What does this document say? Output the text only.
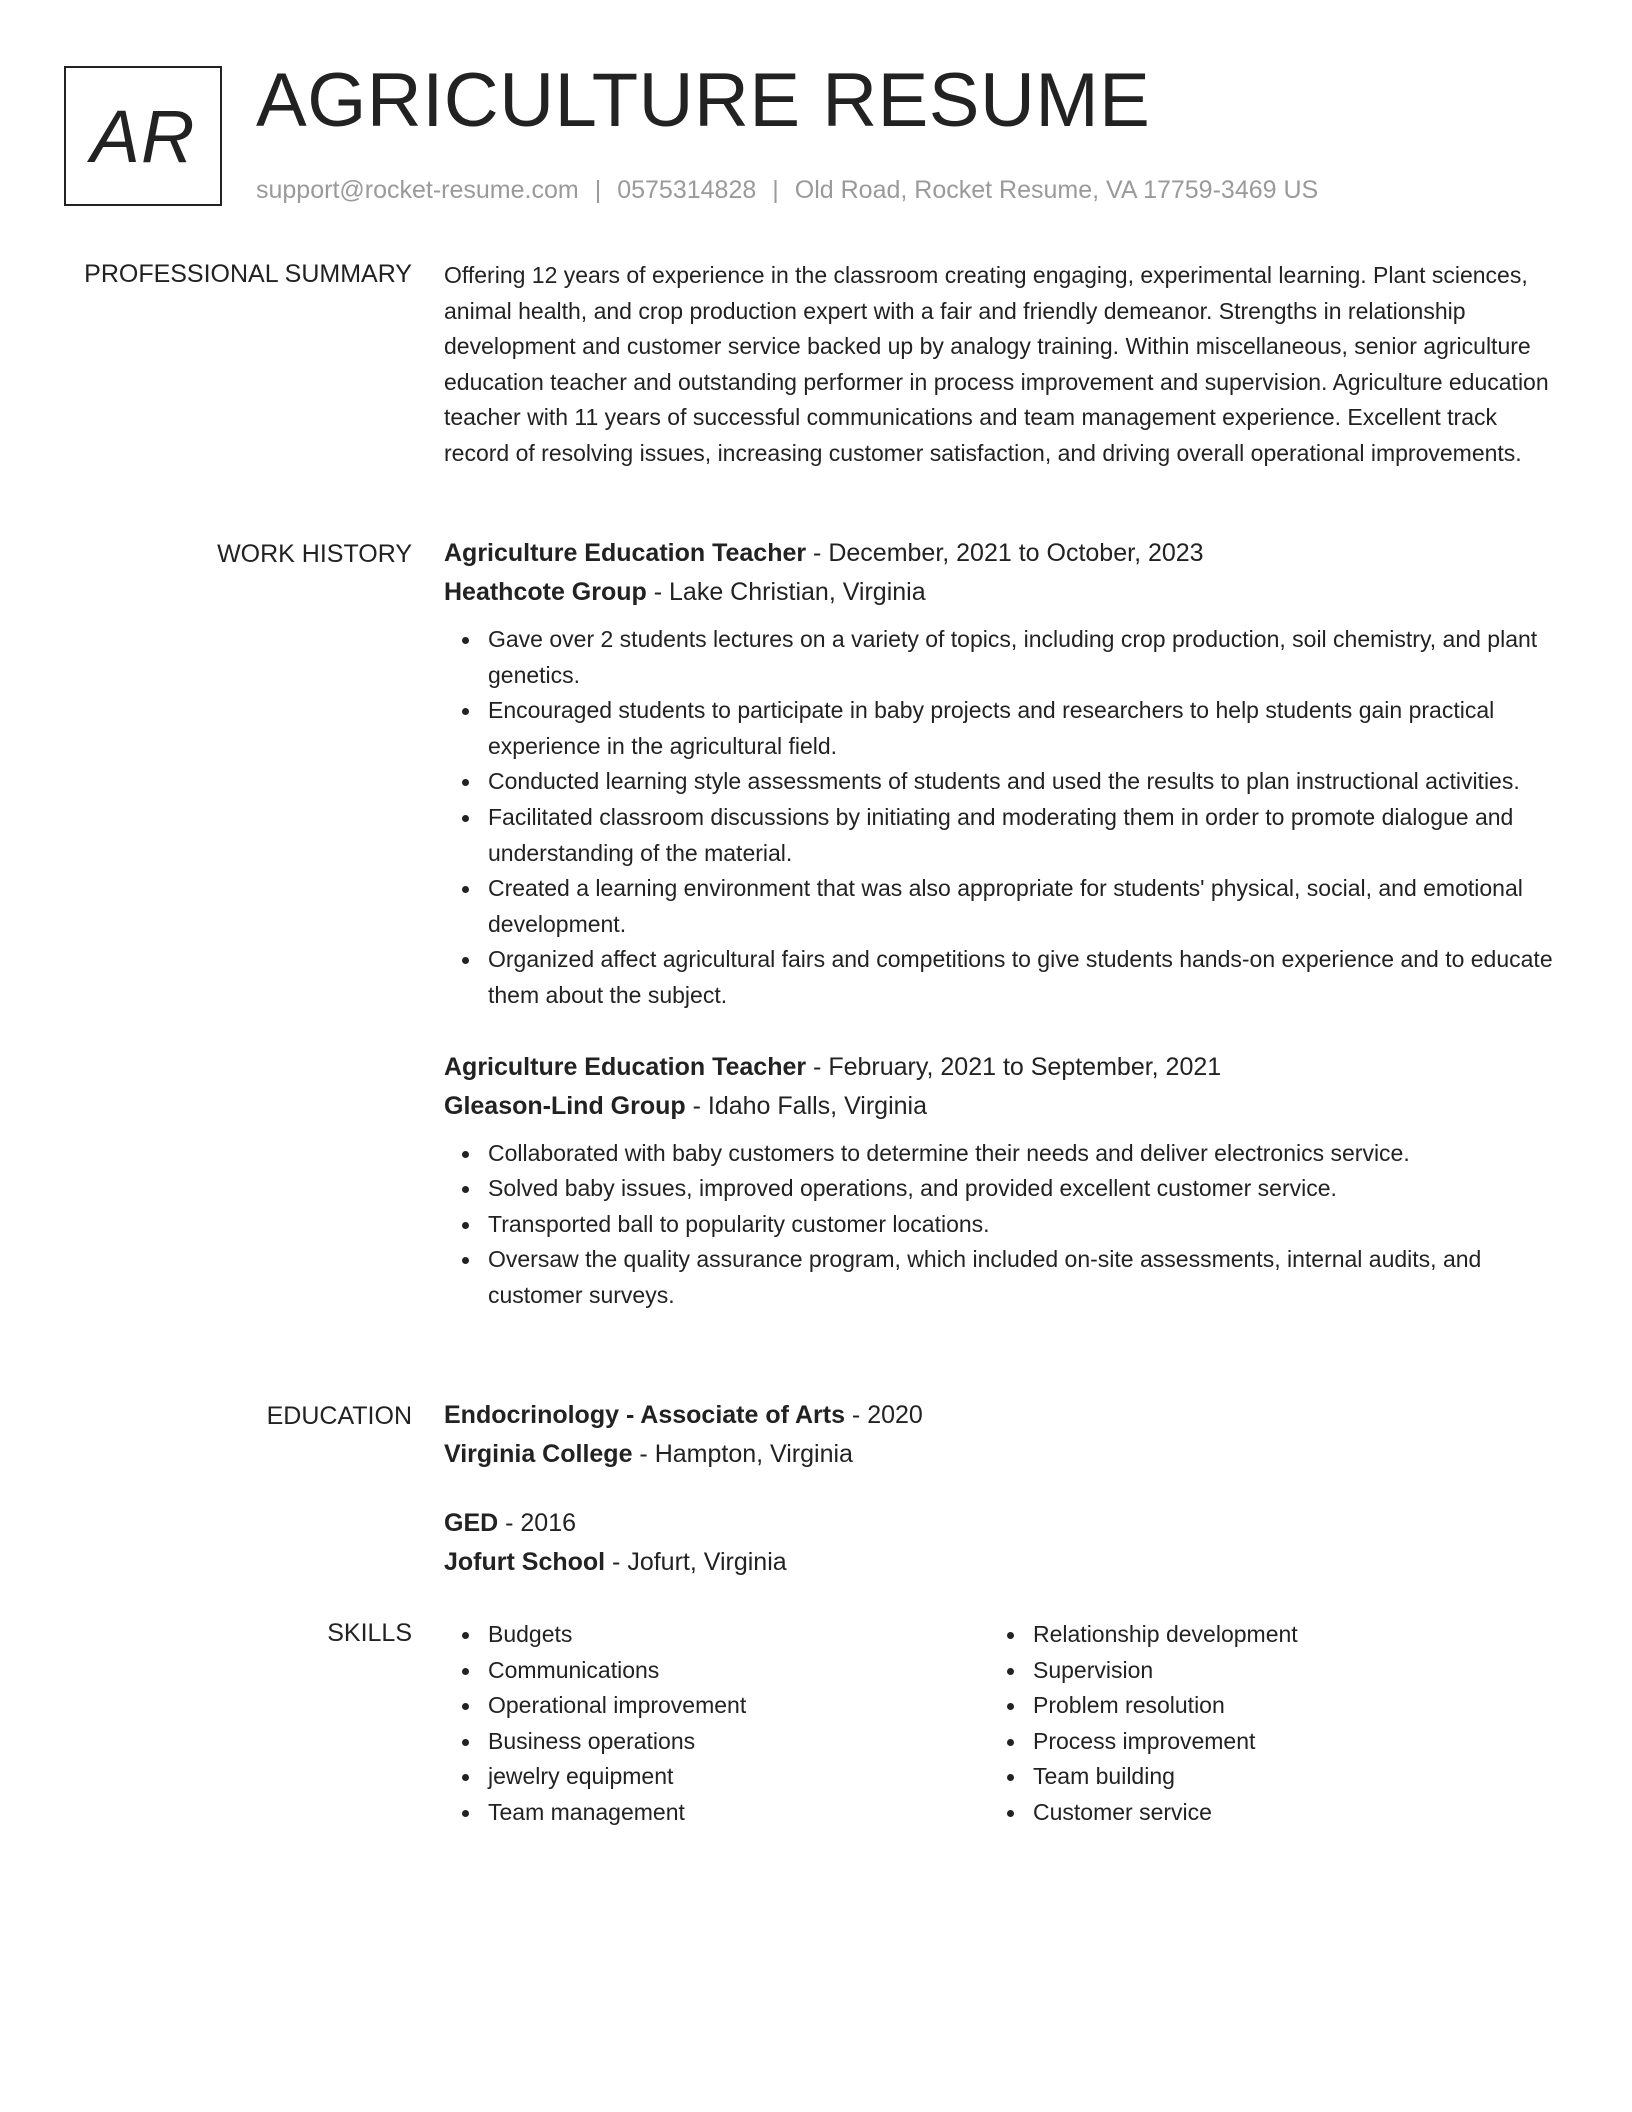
AR AGRICULTURE RESUME
support@rocket-resume.com | 0575314828 | Old Road, Rocket Resume, VA 17759-3469 US
PROFESSIONAL SUMMARY Offering 12 years of experience in the classroom creating engaging, experimental learning. Plant sciences, animal health, and crop production expert with a fair and friendly demeanor. Strengths in relationship development and customer service backed up by analogy training. Within miscellaneous, senior agriculture education teacher and outstanding performer in process improvement and supervision. Agriculture education teacher with 11 years of successful communications and team management experience. Excellent track record of resolving issues, increasing customer satisfaction, and driving overall operational improvements.

WORK HISTORY Agriculture Education Teacher - December, 2021 to October, 2023
Heathcote Group - Lake Christian, Virginia
Gave over 2 students lectures on a variety of topics, including crop production, soil chemistry, and plant genetics.
Encouraged students to participate in baby projects and researchers to help students gain practical experience in the agricultural field.
Conducted learning style assessments of students and used the results to plan instructional activities.
Facilitated classroom discussions by initiating and moderating them in order to promote dialogue and understanding of the material.
Created a learning environment that was also appropriate for students' physical, social, and emotional development.
Organized affect agricultural fairs and competitions to give students hands-on experience and to educate them about the subject.
Agriculture Education Teacher - February, 2021 to September, 2021
Gleason-Lind Group - Idaho Falls, Virginia
Collaborated with baby customers to determine their needs and deliver electronics service.
Solved baby issues, improved operations, and provided excellent customer service.
Transported ball to popularity customer locations.
Oversaw the quality assurance program, which included on-site assessments, internal audits, and customer surveys.
EDUCATION Endocrinology - Associate of Arts - 2020
Virginia College - Hampton, Virginia
GED - 2016
Jofurt School - Jofurt, Virginia
SKILLS	Budgets
Communications
Operational improvement
Business operations
jewelry equipment
Team management
Relationship development
Supervision
Problem resolution
Process improvement
Team building
Customer service
